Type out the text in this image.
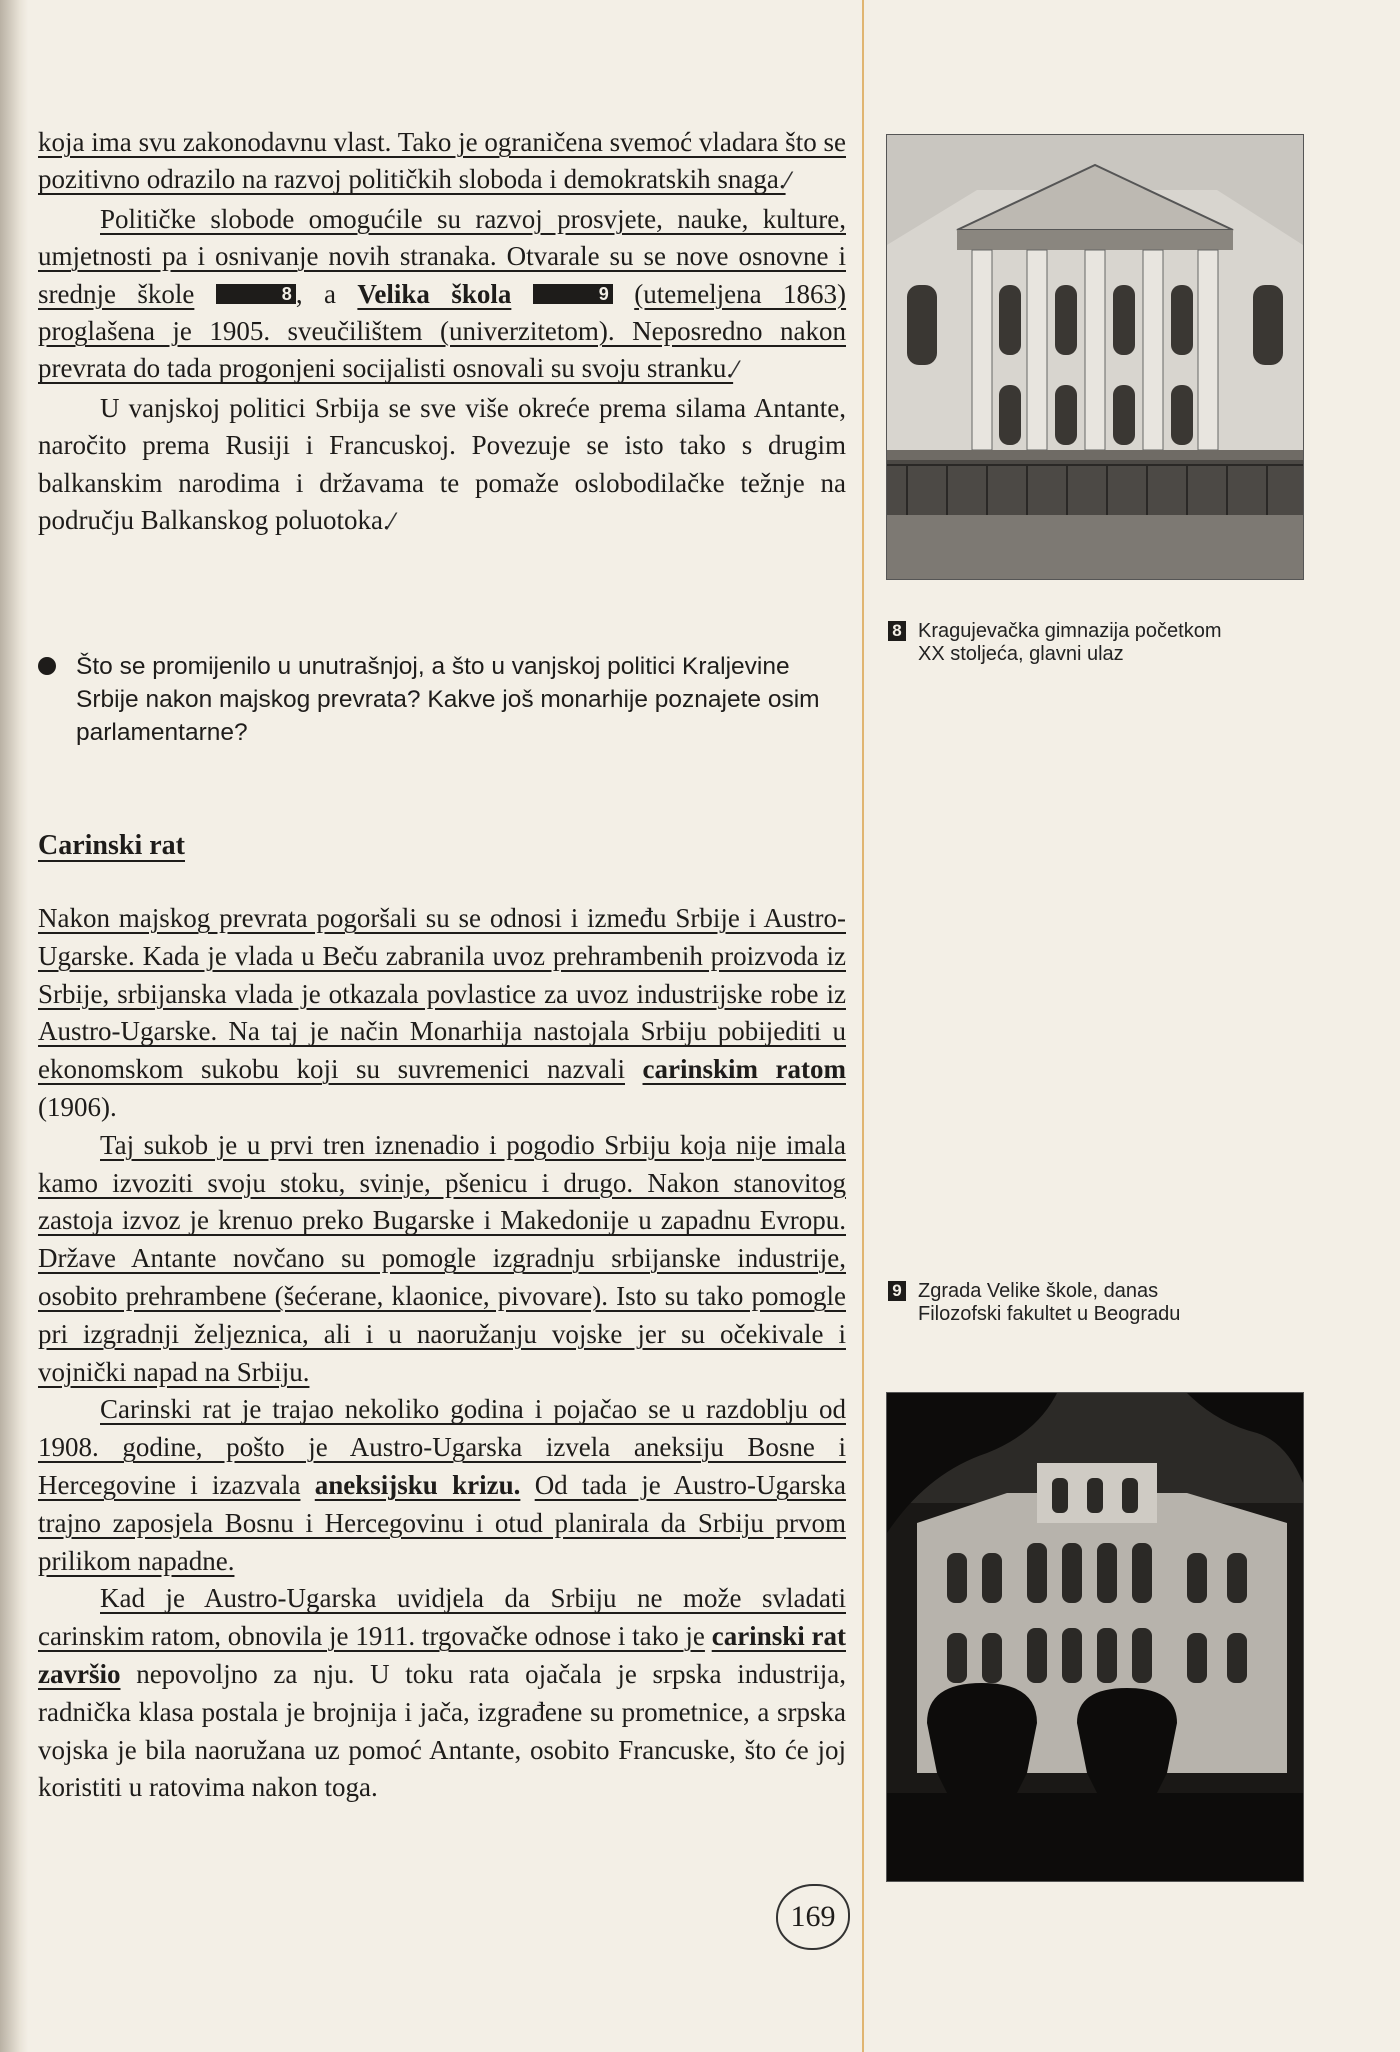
koja ima svu zakonodavnu vlast. Tako je ograničena svemoć vladara što se pozitivno odrazilo na razvoj političkih sloboda i demokratskih snaga.⁄

Političke slobode omogućile su razvoj prosvjete, nauke, kulture, umjetnosti pa i osnivanje novih stranaka. Otvarale su se nove osnovne i srednje škole	8 , a Velika škola	9 (utemeljena 1863) proglašena je 1905. sveučilištem (univerzitetom). Neposredno nakon prevrata do tada progonjeni socijalisti osnovali su svoju stranku.⁄

U vanjskoj politici Srbija se sve više okreće prema silama Antante, naročito prema Rusiji i Francuskoj. Povezuje se isto tako s drugim balkanskim narodima i državama te pomaže oslobodilačke težnje na području Balkanskog poluotoka.⁄

Što se promijenilo u unutrašnjoj, a što u vanjskoj politici Kraljevine Srbije nakon majskog prevrata? Kakve još monarhije poznajete osim parlamentarne?
Carinski rat

Nakon majskog prevrata pogoršali su se odnosi i između Srbije i Austro-Ugarske. Kada je vlada u Beču zabranila uvoz prehrambenih proizvoda iz Srbije, srbijanska vlada je otkazala povlastice za uvoz industrijske robe iz Austro-Ugarske. Na taj je način Monarhija nastojala Srbiju pobijediti u ekonomskom sukobu koji su suvremenici nazvali carinskim ratom (1906).

Taj sukob je u prvi tren iznenadio i pogodio Srbiju koja nije imala kamo izvoziti svoju stoku, svinje, pšenicu i drugo. Nakon stanovitog zastoja izvoz je krenuo preko Bugarske i Makedonije u zapadnu Evropu. Države Antante novčano su pomogle izgradnju srbijanske industrije, osobito prehrambene (šećerane, klaonice, pivovare). Isto su tako pomogle pri izgradnji željeznica, ali i u naoružanju vojske jer su očekivale i vojnički napad na Srbiju.

Carinski rat je trajao nekoliko godina i pojačao se u razdoblju od 1908. godine, pošto je Austro-Ugarska izvela aneksiju Bosne i Hercegovine i izazvala aneksijsku krizu. Od tada je Austro-Ugarska trajno zaposjela Bosnu i Hercegovinu i otud planirala da Srbiju prvom prilikom napadne.

Kad je Austro-Ugarska uvidjela da Srbiju ne može svladati carinskim ratom, obnovila je 1911. trgovačke odnose i tako je carinski rat završio nepovoljno za nju. U toku rata ojačala je srpska industrija, radnička klasa postala je brojnija i jača, izgrađene su prometnice, a srpska vojska je bila naoružana uz pomoć Antante, osobito Francuske, što će joj koristiti u ratovima nakon toga.

8 Kragujevačka gimnazija početkom XX stoljeća, glavni ulaz
9 Zgrada Velike škole, danas Filozofski fakultet u Beogradu
169
